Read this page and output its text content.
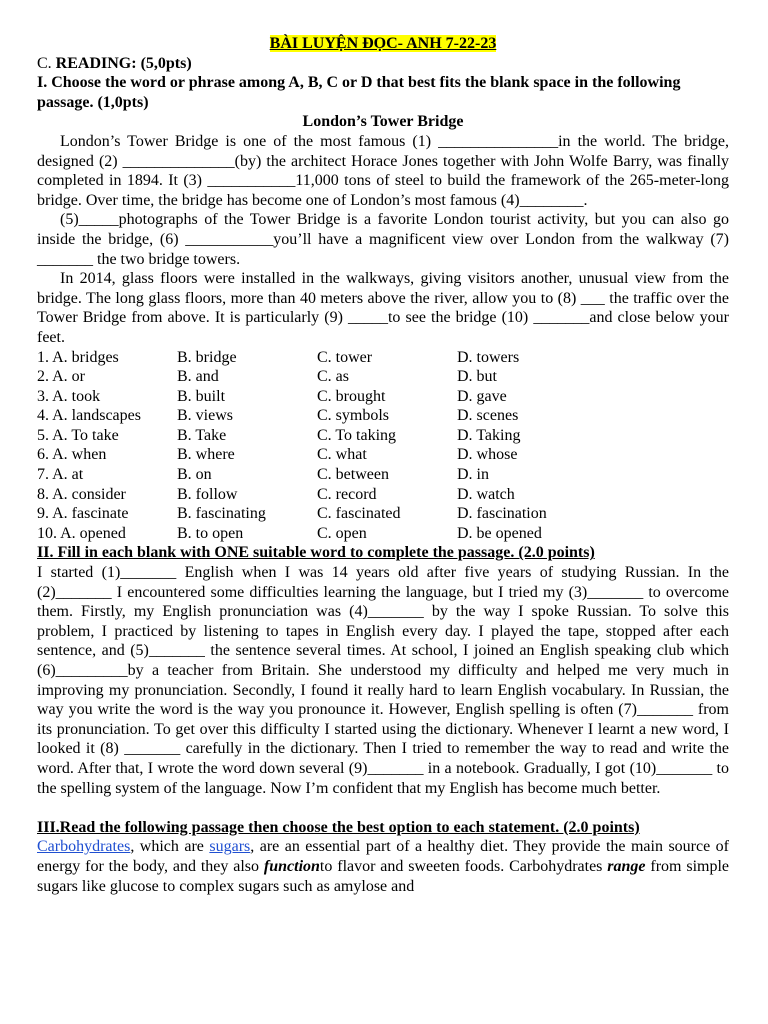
BÀI LUYỆN ĐỌC- ANH 7-22-23

C. READING: (5,0pts)

I. Choose the word or phrase among A, B, C or D that best fits the blank space in the following passage. (1,0pts)

London’s Tower Bridge

London’s Tower Bridge is one of the most famous (1) _______________in the world. The bridge, designed (2) ______________(by) the architect Horace Jones together with John Wolfe Barry, was finally completed in 1894. It (3) ___________11,000 tons of steel to build the framework of the 265-meter-long bridge. Over time, the bridge has become one of London’s most famous (4)________.

(5)_____photographs of the Tower Bridge is a favorite London tourist activity, but you can also go inside the bridge, (6) ___________you’ll have a magnificent view over London from the walkway (7) _______ the two bridge towers.

In 2014, glass floors were installed in the walkways, giving visitors another, unusual view from the bridge. The long glass floors, more than 40 meters above the river, allow you to (8) ___ the traffic over the Tower Bridge from above. It is particularly (9) _____to see the bridge (10) _______and close below your feet.

1. A. bridges	B. bridge	C. tower	D. towers
2. A. or	B. and	C. as	D. but
3. A. took	B. built	C. brought	D. gave
4. A. landscapes	B. views	C. symbols	D. scenes
5. A. To take	B. Take	C. To taking	D. Taking
6. A. when	B. where	C. what	D. whose
7. A. at	B. on	C. between	D. in
8. A. consider	B. follow	C. record	D. watch
9. A. fascinate	B. fascinating	C. fascinated	D. fascination
10. A. opened	B. to open	C. open	D. be opened

II. Fill in each blank with ONE suitable word to complete the passage. (2.0 points)

I started (1)_______ English when I was 14 years old after five years of studying Russian. In the (2)_______ I encountered some difficulties learning the language, but I tried my (3)_______ to overcome them. Firstly, my English pronunciation was (4)_______ by the way I spoke Russian. To solve this problem, I practiced by listening to tapes in English every day. I played the tape, stopped after each sentence, and (5)_______ the sentence several times. At school, I joined an English speaking club which (6)_________by a teacher from Britain. She understood my difficulty and helped me very much in improving my pronunciation. Secondly, I found it really hard to learn English vocabulary. In Russian, the way you write the word is the way you pronounce it. However, English spelling is often (7)_______ from its pronunciation. To get over this difficulty I started using the dictionary. Whenever I learnt a new word, I looked it (8) _______ carefully in the dictionary. Then I tried to remember the way to read and write the word. After that, I wrote the word down several (9)_______ in a notebook. Gradually, I got (10)_______ to the spelling system of the language. Now I’m confident that my English has become much better.

III.Read the following passage then choose the best option to each statement. (2.0 points)

Carbohydrates, which are sugars, are an essential part of a healthy diet. They provide the main source of energy for the body, and they also functionto flavor and sweeten foods. Carbohydrates range from simple sugars like glucose to complex sugars such as amylose and
